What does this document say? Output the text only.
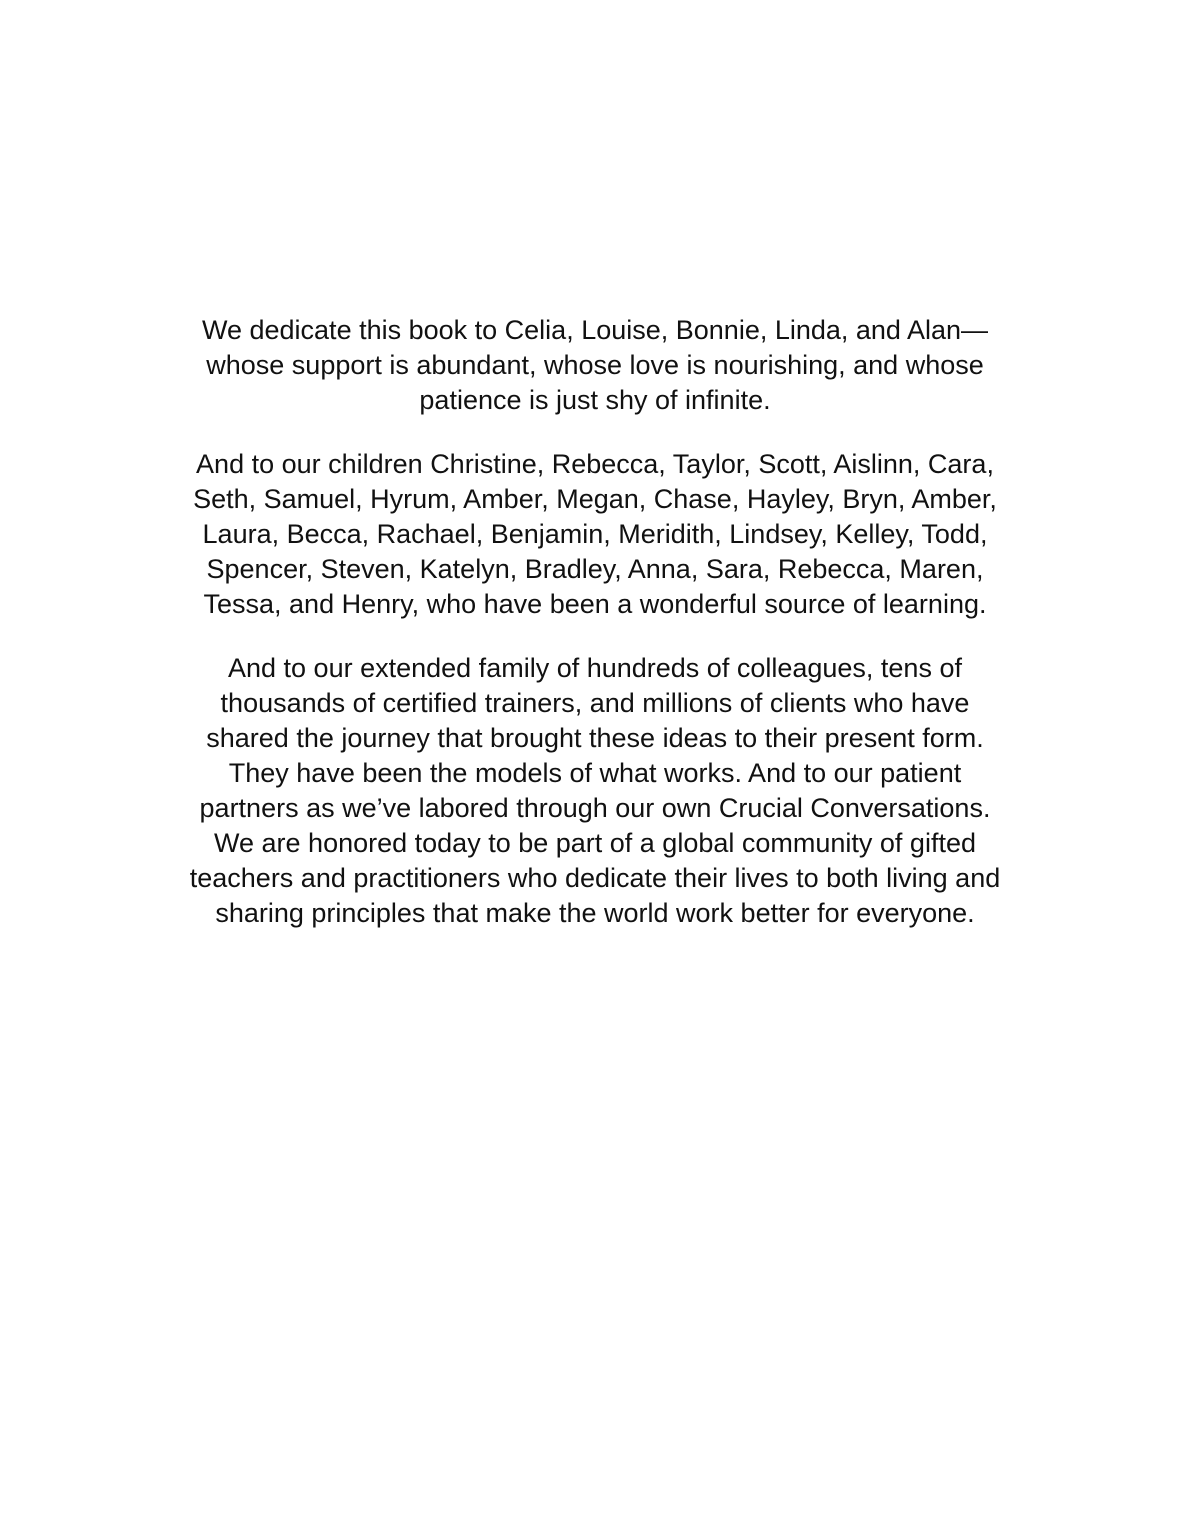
We dedicate this book to Celia, Louise, Bonnie, Linda, and Alan—
whose support is abundant, whose love is nourishing, and whose
patience is just shy of infinite.

And to our children Christine, Rebecca, Taylor, Scott, Aislinn, Cara,
Seth, Samuel, Hyrum, Amber, Megan, Chase, Hayley, Bryn, Amber,
Laura, Becca, Rachael, Benjamin, Meridith, Lindsey, Kelley, Todd,
Spencer, Steven, Katelyn, Bradley, Anna, Sara, Rebecca, Maren,
Tessa, and Henry, who have been a wonderful source of learning.

And to our extended family of hundreds of colleagues, tens of
thousands of certified trainers, and millions of clients who have
shared the journey that brought these ideas to their present form.
They have been the models of what works. And to our patient
partners as we’ve labored through our own Crucial Conversations.
We are honored today to be part of a global community of gifted
teachers and practitioners who dedicate their lives to both living and
sharing principles that make the world work better for everyone.
